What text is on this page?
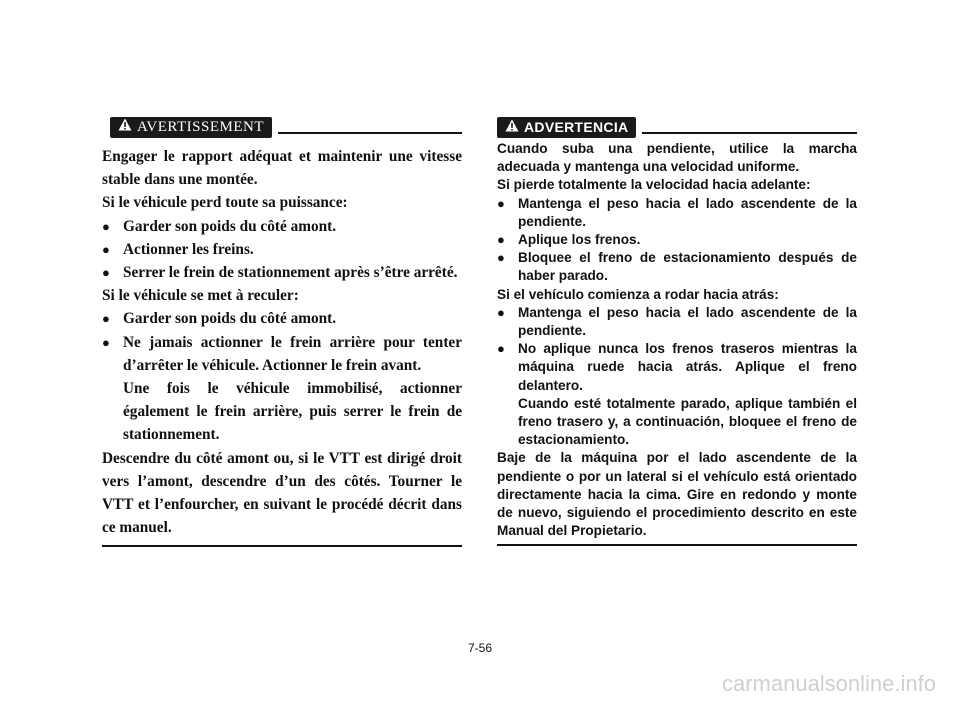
AVERTISSEMENT

Engager le rapport adéquat et maintenir une vitesse stable dans une montée.

Si le véhicule perd toute sa puissance:

● Garder son poids du côté amont.
● Actionner les freins.
● Serrer le frein de stationnement après s’être arrêté.

Si le véhicule se met à reculer:

● Garder son poids du côté amont.
● Ne jamais actionner le frein arrière pour tenter d’arrêter le véhicule. Actionner le frein avant.
Une fois le véhicule immobilisé, actionner également le frein arrière, puis serrer le frein de stationnement.

Descendre du côté amont ou, si le VTT est dirigé droit vers l’amont, descendre d’un des côtés. Tourner le VTT et l’enfourcher, en suivant le procédé décrit dans ce manuel.

ADVERTENCIA

Cuando suba una pendiente, utilice la marcha adecuada y mantenga una velocidad uniforme.

Si pierde totalmente la velocidad hacia adelante:

● Mantenga el peso hacia el lado ascendente de la pendiente.
● Aplique los frenos.
● Bloquee el freno de estacionamiento después de haber parado.

Si el vehículo comienza a rodar hacia atrás:

● Mantenga el peso hacia el lado ascendente de la pendiente.
● No aplique nunca los frenos traseros mientras la máquina ruede hacia atrás. Aplique el freno delantero.
Cuando esté totalmente parado, aplique también el freno trasero y, a continuación, bloquee el freno de estacionamiento.

Baje de la máquina por el lado ascendente de la pendiente o por un lateral si el vehículo está orientado directamente hacia la cima. Gire en redondo y monte de nuevo, siguiendo el procedimiento descrito en este Manual del Propietario.

7-56
carmanualsonline.info
